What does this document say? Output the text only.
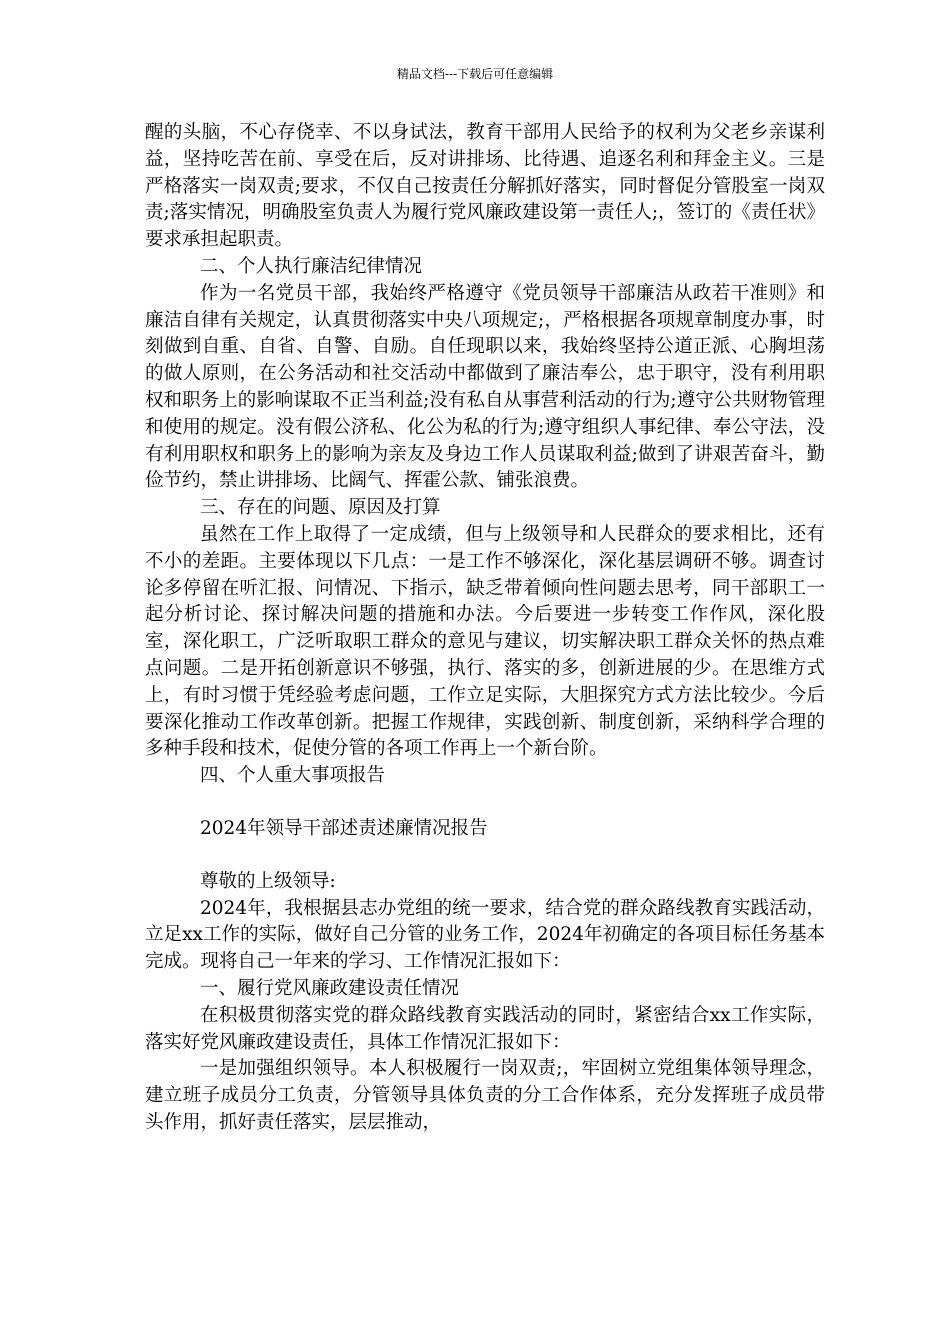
精品文档---下载后可任意编辑

醒的头脑，不心存侥幸、不以身试法，教育干部用人民给予的权利为父老乡亲谋利益，坚持吃苦在前、享受在后，反对讲排场、比待遇、追逐名利和拜金主义。三是严格落实一岗双责;要求，不仅自己按责任分解抓好落实，同时督促分管股室一岗双责;落实情况，明确股室负责人为履行党风廉政建设第一责任人;，签订的《责任状》要求承担起职责。

二、个人执行廉洁纪律情况

作为一名党员干部，我始终严格遵守《党员领导干部廉洁从政若干准则》和廉洁自律有关规定，认真贯彻落实中央八项规定;，严格根据各项规章制度办事，时刻做到自重、自省、自警、自励。自任现职以来，我始终坚持公道正派、心胸坦荡的做人原则，在公务活动和社交活动中都做到了廉洁奉公，忠于职守，没有利用职权和职务上的影响谋取不正当利益;没有私自从事营利活动的行为;遵守公共财物管理和使用的规定。没有假公济私、化公为私的行为;遵守组织人事纪律、奉公守法，没有利用职权和职务上的影响为亲友及身边工作人员谋取利益;做到了讲艰苦奋斗，勤俭节约，禁止讲排场、比阔气、挥霍公款、铺张浪费。

三、存在的问题、原因及打算

虽然在工作上取得了一定成绩，但与上级领导和人民群众的要求相比，还有不小的差距。主要体现以下几点：一是工作不够深化，深化基层调研不够。调查讨论多停留在听汇报、问情况、下指示，缺乏带着倾向性问题去思考，同干部职工一起分析讨论、探讨解决问题的措施和办法。今后要进一步转变工作作风，深化股室，深化职工，广泛听取职工群众的意见与建议，切实解决职工群众关怀的热点难点问题。二是开拓创新意识不够强，执行、落实的多，创新进展的少。在思维方式上，有时习惯于凭经验考虑问题，工作立足实际，大胆探究方式方法比较少。今后要深化推动工作改革创新。把握工作规律，实践创新、制度创新，采纳科学合理的多种手段和技术，促使分管的各项工作再上一个新台阶。

四、个人重大事项报告

2024年领导干部述责述廉情况报告

尊敬的上级领导:

2024年，我根据县志办党组的统一要求，结合党的群众路线教育实践活动，立足xx工作的实际，做好自己分管的业务工作，2024年初确定的各项目标任务基本完成。现将自己一年来的学习、工作情况汇报如下：

一、履行党风廉政建设责任情况

在积极贯彻落实党的群众路线教育实践活动的同时，紧密结合xx工作实际，落实好党风廉政建设责任，具体工作情况汇报如下：

一是加强组织领导。本人积极履行一岗双责;，牢固树立党组集体领导理念，建立班子成员分工负责，分管领导具体负责的分工合作体系，充分发挥班子成员带头作用，抓好责任落实，层层推动，
